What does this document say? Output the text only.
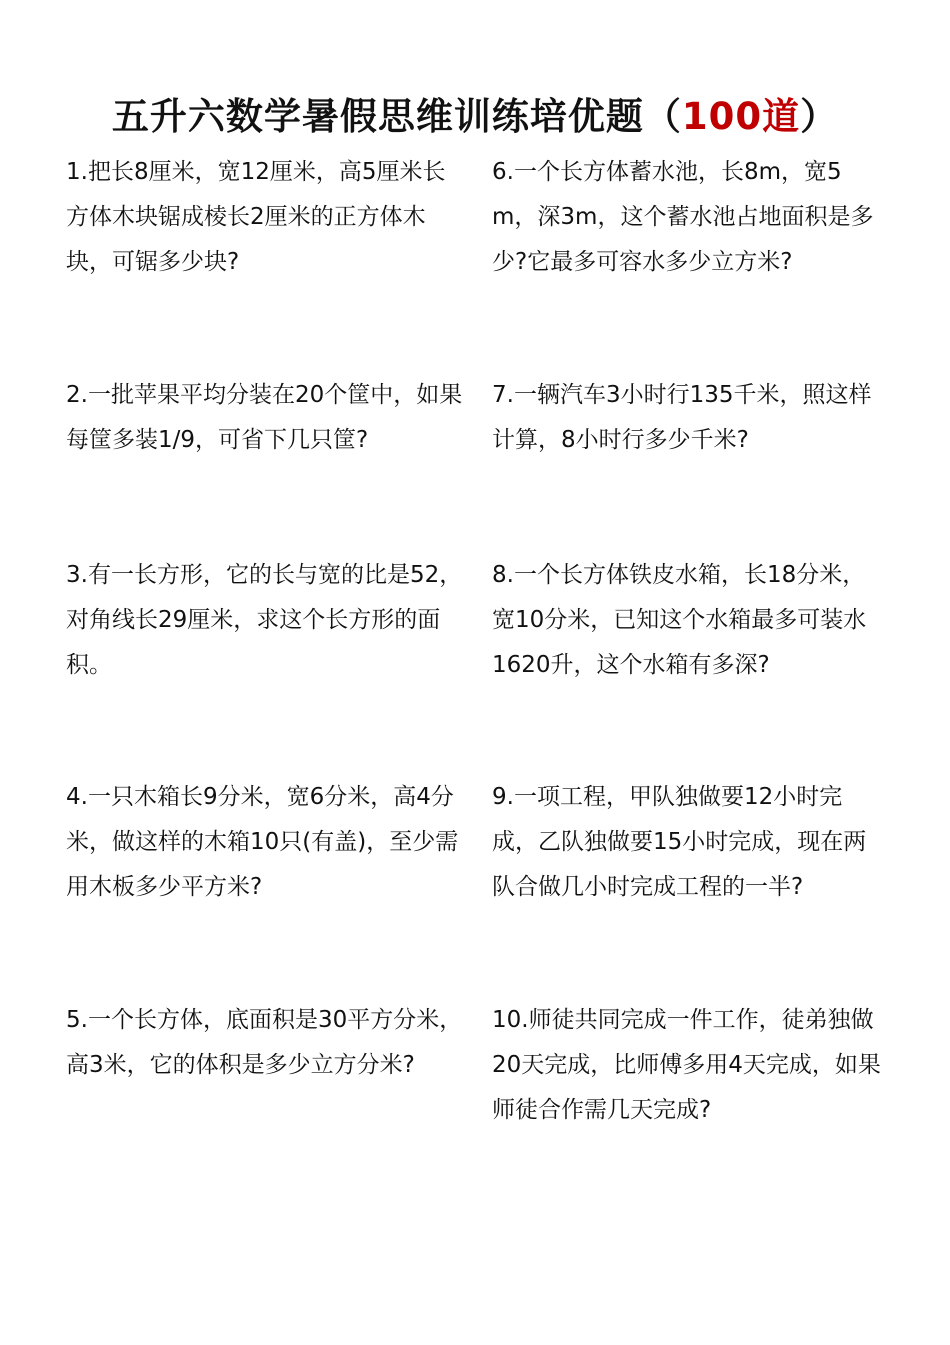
五升六数学暑假思维训练培优题（100道）
1.把长8厘米，宽12厘米，高5厘米长方体木块锯成棱长2厘米的正方体木块，可锯多少块?
2.一批苹果平均分装在20个筐中，如果每筐多装1/9，可省下几只筐?
3.有一长方形，它的长与宽的比是52，对角线长29厘米，求这个长方形的面积。
4.一只木箱长9分米，宽6分米，高4分米，做这样的木箱10只(有盖)，至少需用木板多少平方米?
5.一个长方体，底面积是30平方分米，高3米，它的体积是多少立方分米?
6.一个长方体蓄水池，长8m，宽5m，深3m，这个蓄水池占地面积是多少?它最多可容水多少立方米?
7.一辆汽车3小时行135千米，照这样计算，8小时行多少千米?
8.一个长方体铁皮水箱，长18分米，宽10分米，已知这个水箱最多可装水 1620升，这个水箱有多深?
9.一项工程，甲队独做要12小时完成，乙队独做要15小时完成，现在两队合做几小时完成工程的一半?
10.师徒共同完成一件工作，徒弟独做20天完成，比师傅多用4天完成，如果师徒合作需几天完成?
